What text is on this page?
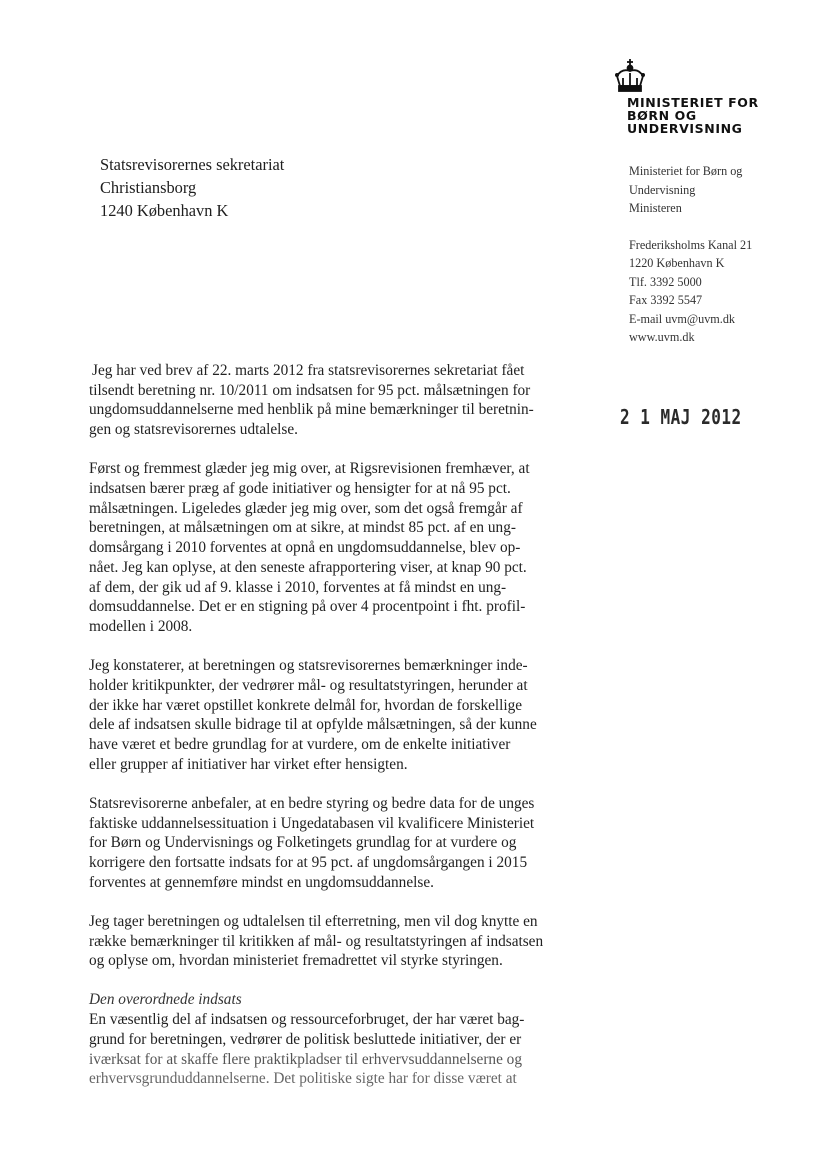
MINISTERIET FOR
BØRN OG
UNDERVISNING
Statsrevisorernes sekretariat
Christiansborg
1240 København K
Ministeriet for Børn og
Undervisning
Ministeren
Frederiksholms Kanal 21
1220 København K
Tlf. 3392 5000
Fax 3392 5547
E-mail uvm@uvm.dk
www.uvm.dk
2 1 MAJ 2012

Jeg har ved brev af 22. marts 2012 fra statsrevisorernes sekretariat fået
tilsendt beretning nr. 10/2011 om indsatsen for 95 pct. målsætningen for
ungdomsuddannelserne med henblik på mine bemærkninger til beretnin-
gen og statsrevisorernes udtalelse.

Først og fremmest glæder jeg mig over, at Rigsrevisionen fremhæver, at
indsatsen bærer præg af gode initiativer og hensigter for at nå 95 pct.
målsætningen. Ligeledes glæder jeg mig over, som det også fremgår af
beretningen, at målsætningen om at sikre, at mindst 85 pct. af en ung-
domsårgang i 2010 forventes at opnå en ungdomsuddannelse, blev op-
nået. Jeg kan oplyse, at den seneste afrapportering viser, at knap 90 pct.
af dem, der gik ud af 9. klasse i 2010, forventes at få mindst en ung-
domsuddannelse. Det er en stigning på over 4 procentpoint i fht. profil-
modellen i 2008.

Jeg konstaterer, at beretningen og statsrevisorernes bemærkninger inde-
holder kritikpunkter, der vedrører mål- og resultatstyringen, herunder at
der ikke har været opstillet konkrete delmål for, hvordan de forskellige
dele af indsatsen skulle bidrage til at opfylde målsætningen, så der kunne
have været et bedre grundlag for at vurdere, om de enkelte initiativer
eller grupper af initiativer har virket efter hensigten.

Statsrevisorerne anbefaler, at en bedre styring og bedre data for de unges
faktiske uddannelsessituation i Ungedatabasen vil kvalificere Ministeriet
for Børn og Undervisnings og Folketingets grundlag for at vurdere og
korrigere den fortsatte indsats for at 95 pct. af ungdomsårgangen i 2015
forventes at gennemføre mindst en ungdomsuddannelse.

Jeg tager beretningen og udtalelsen til efterretning, men vil dog knytte en
række bemærkninger til kritikken af mål- og resultatstyringen af indsatsen
og oplyse om, hvordan ministeriet fremadrettet vil styrke styringen.

Den overordnede indsats
En væsentlig del af indsatsen og ressourceforbruget, der har været bag-
grund for beretningen, vedrører de politisk besluttede initiativer, der er
iværksat for at skaffe flere praktikpladser til erhvervsuddannelserne og
erhvervsgrunduddannelserne. Det politiske sigte har for disse været at
